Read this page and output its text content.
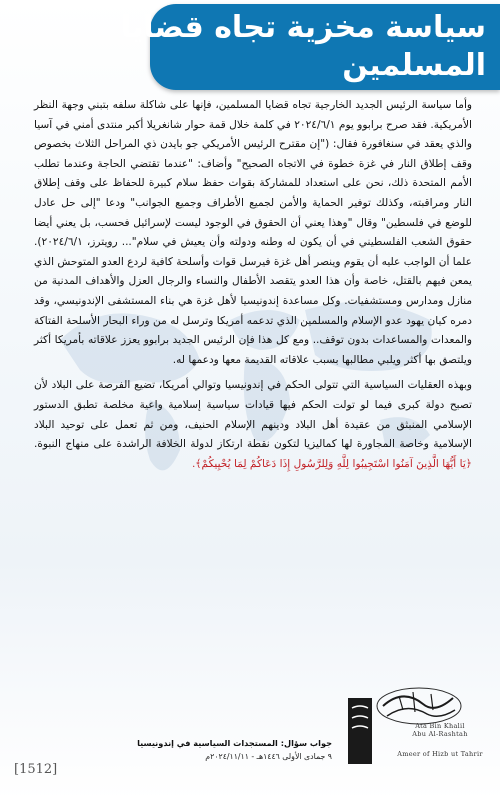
سياسة مخزية تجاه قضايا
المسلمين

وأما سياسة الرئيس الجديد الخارجية تجاه قضايا المسلمين، فإنها على شاكلة سلفه بتبني وجهة النظر الأمريكية. فقد صرح برابوو يوم ٢٠٢٤/٦/١ في كلمة خلال قمة حوار شانغريلا أكبر منتدى أمني في آسيا والذي يعقد في سنغافورة فقال: ("إن مقترح الرئيس الأمريكي جو بايدن ذي المراحل الثلاث بخصوص وقف إطلاق النار في غزة خطوة في الاتجاه الصحيح" وأضاف: "عندما تقتضي الحاجة وعندما تطلب الأمم المتحدة ذلك، نحن على استعداد للمشاركة بقوات حفظ سلام كبيرة للحفاظ على وقف إطلاق النار ومراقبته، وكذلك توفير الحماية والأمن لجميع الأطراف وجميع الجوانب" ودعا "إلى حل عادل للوضع في فلسطين" وقال "وهذا يعني أن الحقوق في الوجود ليست لإسرائيل فحسب، بل يعني أيضا حقوق الشعب الفلسطيني في أن يكون له وطنه ودولته وأن يعيش في سلام"... رويترز، ٢٠٢٤/٦/١). علما أن الواجب عليه أن يقوم وينصر أهل غزة فيرسل قوات وأسلحة كافية لردع العدو المتوحش الذي يمعن فيهم بالقتل، خاصة وأن هذا العدو يتقصد الأطفال والنساء والرجال العزل والأهداف المدنية من منازل ومدارس ومستشفيات. وكل مساعدة إندونيسيا لأهل غزة هي بناء المستشفى الإندونيسي، وقد دمره كيان يهود عدو الإسلام والمسلمين الذي تدعمه أمريكا وترسل له من وراء البحار الأسلحة الفتاكة والمعدات والمساعدات بدون توقف.. ومع كل هذا فإن الرئيس الجديد برابوو يعزز علاقاته بأمريكا أكثر ويلتصق بها أكثر ويلبي مطالبها بسبب علاقاته القديمة معها ودعمها له.

وبهذه العقليات السياسية التي تتولى الحكم في إندونيسيا وتوالي أمريكا، تضيع الفرصة على البلاد لأن تصبح دولة كبرى فيما لو تولت الحكم فيها قيادات سياسية إسلامية واعية مخلصة تطبق الدستور الإسلامي المنبثق من عقيدة أهل البلاد ودينهم الإسلام الحنيف، ومن ثم تعمل على توحيد البلاد الإسلامية وخاصة المجاورة لها كماليزيا لتكون نقطة ارتكاز لدولة الخلافة الراشدة على منهاج النبوة. ﴿يَا أَيُّهَا الَّذِينَ آمَنُوا اسْتَجِيبُوا لِلَّهِ وَلِلرَّسُولِ إِذَا دَعَاكُمْ لِمَا يُحْيِيكُمْ﴾.

Ata Bin Khalil
Abu Al-Rashtah
Ameer of Hizb ut Tahrir
جواب سؤال: المستجدات السياسية في إندونيسيا
٩ جمادى الأولى ١٤٤٦هـ - ٢٠٢٤/١١/١١م
[1512]
